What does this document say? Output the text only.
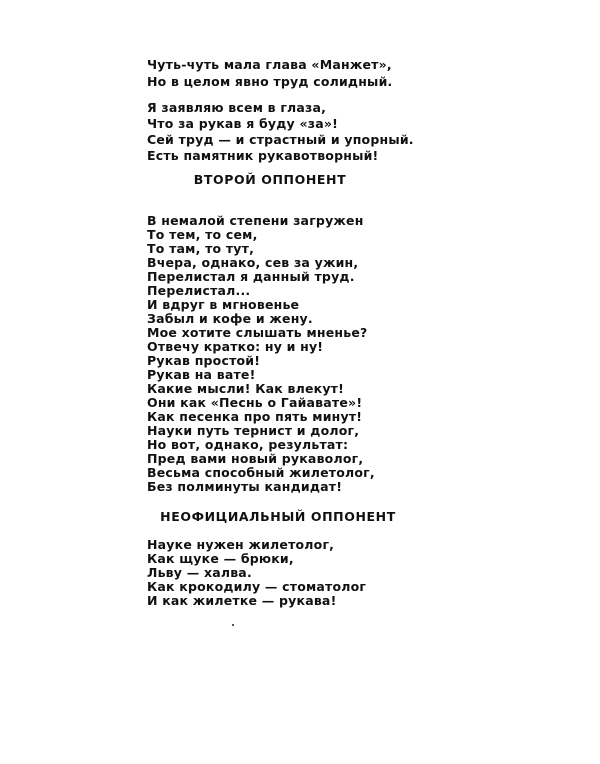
Чуть-чуть мала глава «Манжет»,
Но в целом явно труд солидный.
Я заявляю всем в глаза,
Что за рукав я буду «за»!
Сей труд — и страстный и упорный.
Есть памятник рукавотворный!
ВТОРОЙ ОППОНЕНТ
В немалой степени загружен
То тем, то сем,
То там, то тут,
Вчера, однако, сев за ужин,
Перелистал я данный труд.
Перелистал...
И вдруг в мгновенье
Забыл и кофе и жену.
Мое хотите слышать мненье?
Отвечу кратко: ну и ну!
Рукав простой!
Рукав на вате!
Какие мысли! Как влекут!
Они как «Песнь о Гайавате»!
Как песенка про пять минут!
Науки путь тернист и долог,
Но вот, однако, результат:
Пред вами новый рукаволог,
Весьма способный жилетолог,
Без полминуты кандидат!
НЕОФИЦИАЛЬНЫЙ ОППОНЕНТ
Науке нужен жилетолог,
Как щуке — брюки,
Льву — халва.
Как крокодилу — стоматолог
И как жилетке — рукава!
